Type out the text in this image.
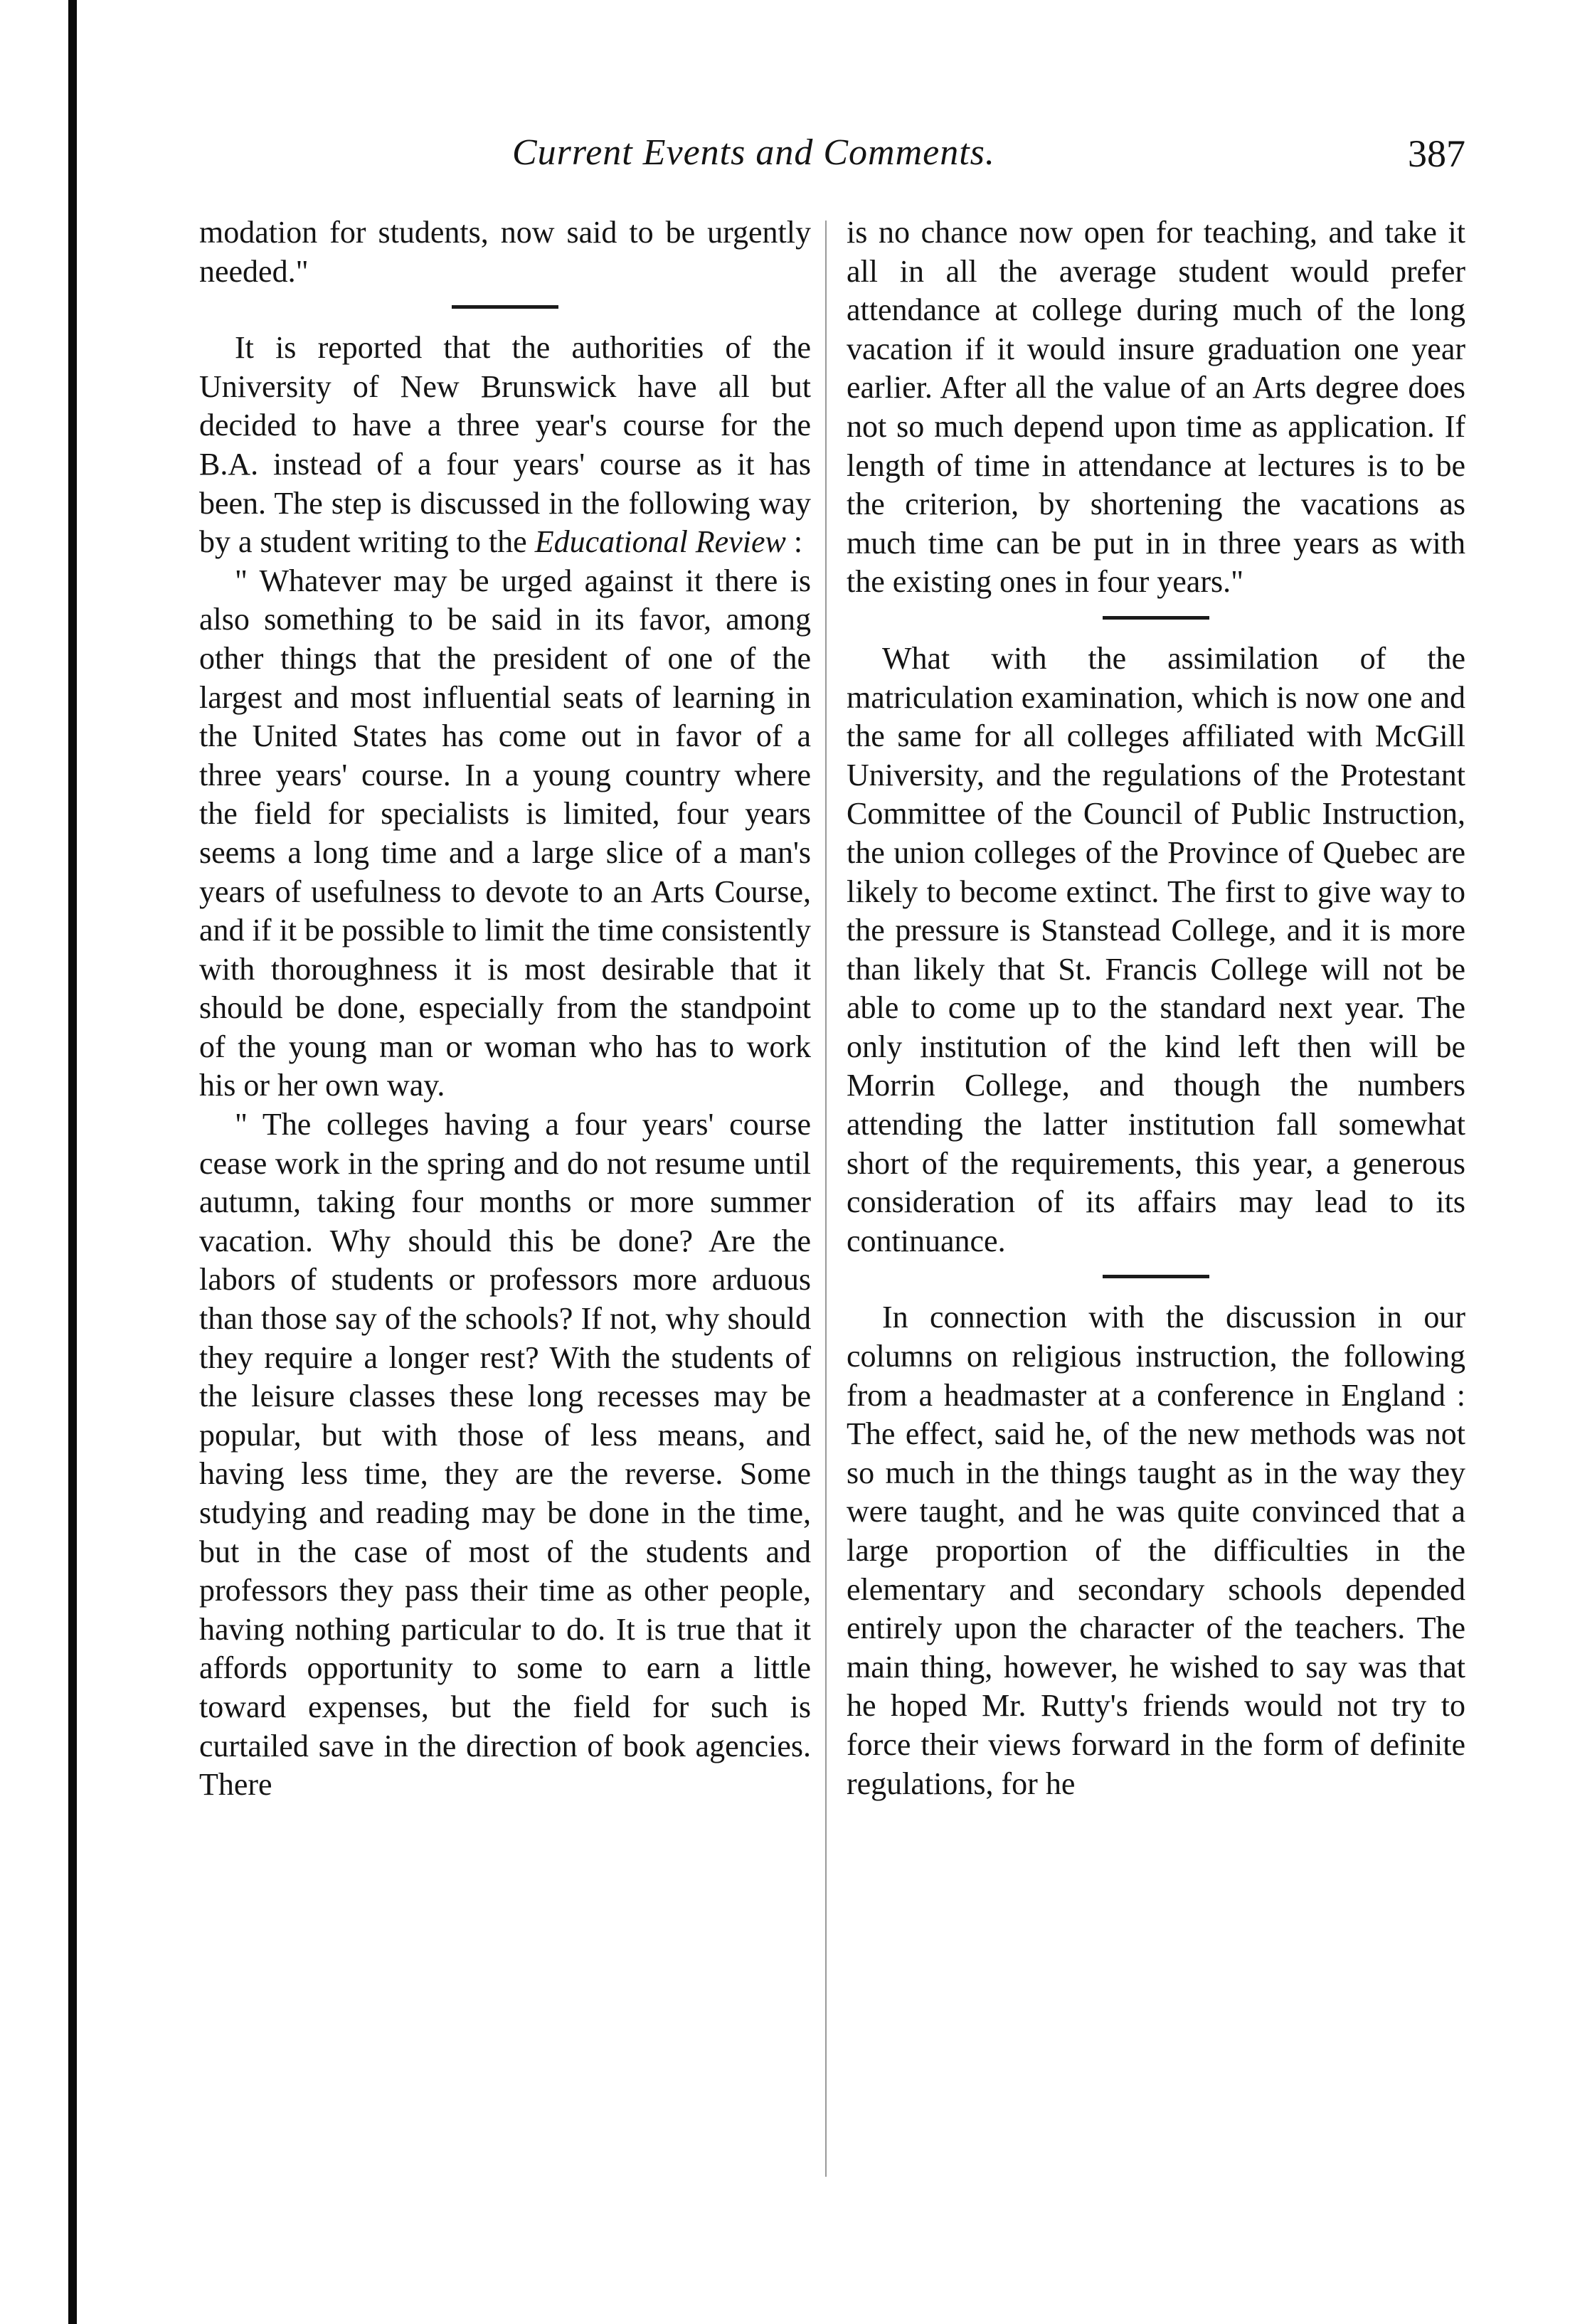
Current Events and Comments.	387

modation for students, now said to be urgently needed."

It is reported that the authorities of the University of New Brunswick have all but decided to have a three year's course for the B.A. instead of a four years' course as it has been. The step is discussed in the following way by a student writing to the Educational Review :

" Whatever may be urged against it there is also something to be said in its favor, among other things that the president of one of the largest and most influential seats of learning in the United States has come out in favor of a three years' course. In a young country where the field for specialists is limited, four years seems a long time and a large slice of a man's years of usefulness to devote to an Arts Course, and if it be possible to limit the time consistently with thoroughness it is most desirable that it should be done, especially from the standpoint of the young man or woman who has to work his or her own way.

" The colleges having a four years' course cease work in the spring and do not resume until autumn, taking four months or more summer vacation. Why should this be done? Are the labors of students or professors more arduous than those say of the schools? If not, why should they require a longer rest? With the students of the leisure classes these long recesses may be popular, but with those of less means, and having less time, they are the reverse. Some studying and reading may be done in the time, but in the case of most of the students and professors they pass their time as other people, having nothing particular to do. It is true that it affords opportunity to some to earn a little toward expenses, but the field for such is curtailed save in the direction of book agencies. There

is no chance now open for teaching, and take it all in all the average student would prefer attendance at college during much of the long vacation if it would insure graduation one year earlier. After all the value of an Arts degree does not so much depend upon time as application. If length of time in attendance at lectures is to be the criterion, by shortening the vacations as much time can be put in in three years as with the existing ones in four years."

What with the assimilation of the matriculation examination, which is now one and the same for all colleges affiliated with McGill University, and the regulations of the Protestant Committee of the Council of Public Instruction, the union colleges of the Province of Quebec are likely to become extinct. The first to give way to the pressure is Stanstead College, and it is more than likely that St. Francis College will not be able to come up to the standard next year. The only institution of the kind left then will be Morrin College, and though the numbers attending the latter institution fall somewhat short of the requirements, this year, a generous consideration of its affairs may lead to its continuance.

In connection with the discussion in our columns on religious instruction, the following from a headmaster at a conference in England : The effect, said he, of the new methods was not so much in the things taught as in the way they were taught, and he was quite convinced that a large proportion of the difficulties in the elementary and secondary schools depended entirely upon the character of the teachers. The main thing, however, he wished to say was that he hoped Mr. Rutty's friends would not try to force their views forward in the form of definite regulations, for he
